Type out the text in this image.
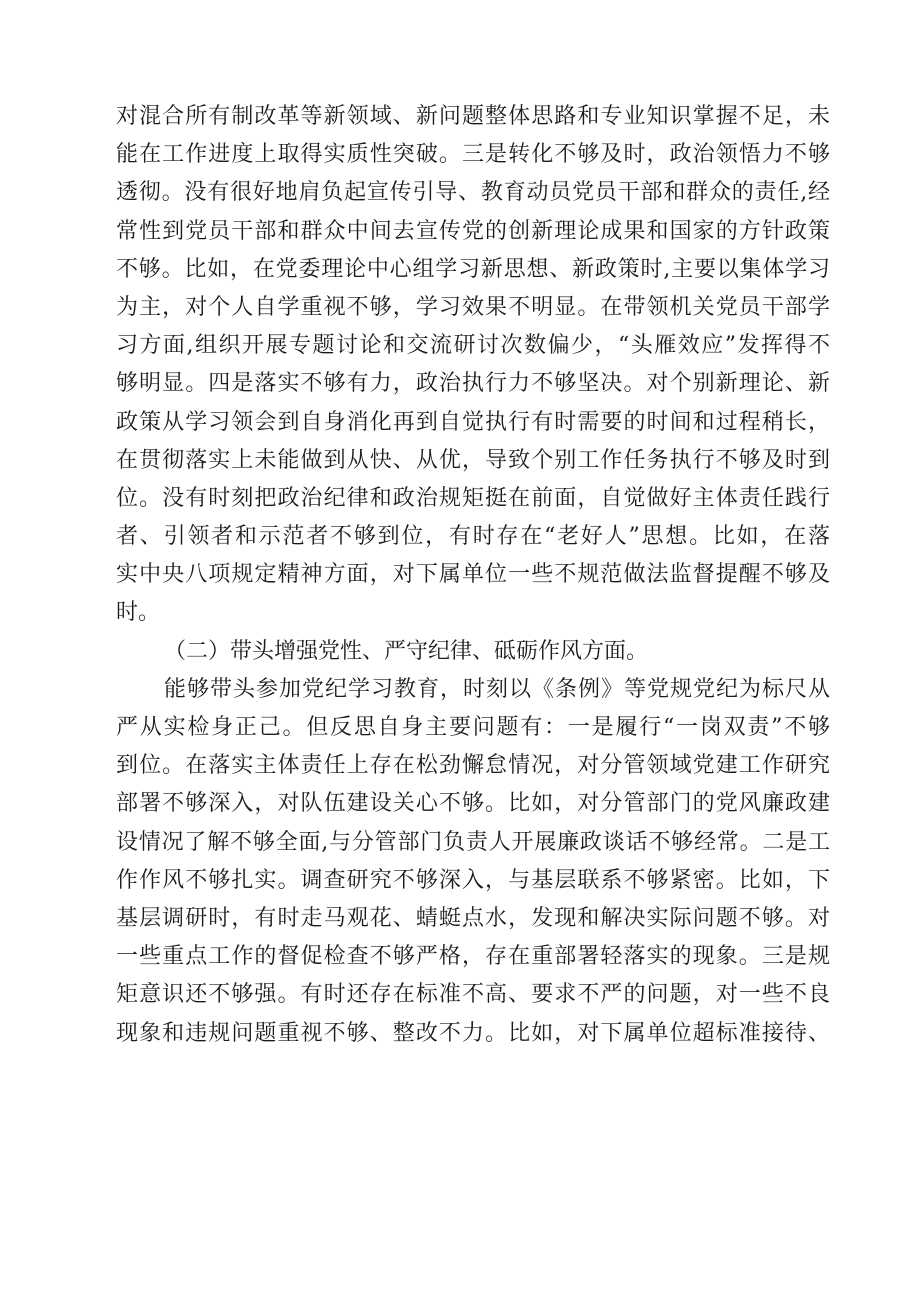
对混合所有制改革等新领域、新问题整体思路和专业知识掌握不足，未
能在工作进度上取得实质性突破。三是转化不够及时，政治领悟力不够
透彻。没有很好地肩负起宣传引导、教育动员党员干部和群众的责任,经
常性到党员干部和群众中间去宣传党的创新理论成果和国家的方针政策
不够。比如，在党委理论中心组学习新思想、新政策时,主要以集体学习
为主，对个人自学重视不够，学习效果不明显。在带领机关党员干部学
习方面,组织开展专题讨论和交流研讨次数偏少，“头雁效应”发挥得不
够明显。四是落实不够有力，政治执行力不够坚决。对个别新理论、新
政策从学习领会到自身消化再到自觉执行有时需要的时间和过程稍长，
在贯彻落实上未能做到从快、从优，导致个别工作任务执行不够及时到
位。没有时刻把政治纪律和政治规矩挺在前面，自觉做好主体责任践行
者、引领者和示范者不够到位，有时存在“老好人”思想。比如，在落
实中央八项规定精神方面，对下属单位一些不规范做法监督提醒不够及
时。
（二）带头增强党性、严守纪律、砥砺作风方面。
能够带头参加党纪学习教育，时刻以《条例》等党规党纪为标尺从
严从实检身正己。但反思自身主要问题有：一是履行“一岗双责”不够
到位。在落实主体责任上存在松劲懈怠情况，对分管领域党建工作研究
部署不够深入，对队伍建设关心不够。比如，对分管部门的党风廉政建
设情况了解不够全面,与分管部门负责人开展廉政谈话不够经常。二是工
作作风不够扎实。调查研究不够深入，与基层联系不够紧密。比如，下
基层调研时，有时走马观花、蜻蜓点水，发现和解决实际问题不够。对
一些重点工作的督促检查不够严格，存在重部署轻落实的现象。三是规
矩意识还不够强。有时还存在标准不高、要求不严的问题，对一些不良
现象和违规问题重视不够、整改不力。比如，对下属单位超标准接待、
